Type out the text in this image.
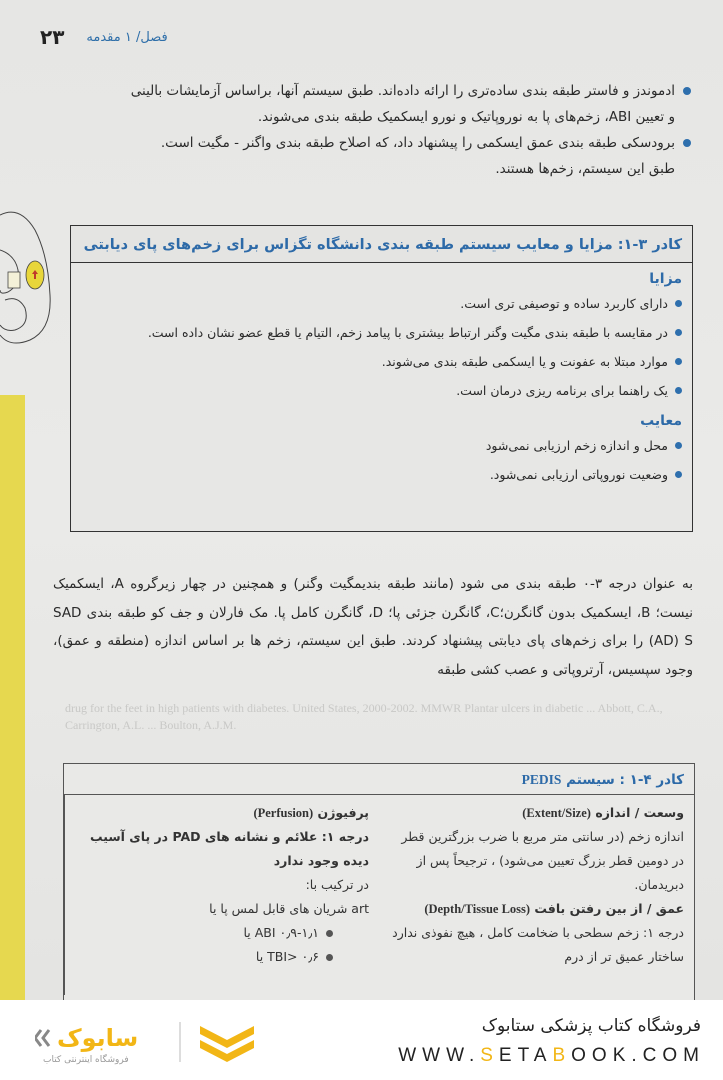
۲۳ فصل/ ۱ مقدمه
ادموندز و فاستر طبقه بندی ساده‌تری را ارائه داده‌اند. طبق سیستم آنها، براساس آزمایشات بالینی
و تعیین ABI، زخم‌های پا به نوروپاتیک و نورو ایسکمیک طبقه بندی می‌شوند.
برودسکی طبقه بندی عمق ایسکمی را پیشنهاد داد، که اصلاح طبقه بندی واگنر - مگیت است.
طبق این سیستم، زخم‌ها هستند.
کادر ۳-۱: مزایا و معایب سیستم طبقه بندی دانشگاه تگزاس برای زخم‌های پای دیابتی
مزایا
دارای کاربرد ساده و توصیفی تری است.
در مقایسه با طبقه بندی مگیت وگنر ارتباط بیشتری با پیامد زخم، التیام یا قطع عضو نشان داده است.
موارد مبتلا به عفونت و یا ایسکمی طبقه بندی می‌شوند.
یک راهنما برای برنامه ریزی درمان است.
معایب
محل و اندازه زخم ارزیابی نمی‌شود
وضعیت نوروپاتی ارزیابی نمی‌شود.
به عنوان درجه ۳-۰ طبقه بندی می شود (مانند طبقه بندیمگیت وگنر) و همچنین در چهار زیرگروه A، ایسکمیک نیست؛ B، ایسکمیک بدون گانگرن؛C، گانگرن جزئی پا؛ D، گانگرن کامل پا. مک فارلان و جف کو طبقه بندی SAD (AD) S را برای زخم‌های پای دیابتی پیشنهاد کردند. طبق این سیستم، زخم ها بر اساس اندازه (منطقه و عمق)، وجود سپسیس، آرتروپاتی و عصب کشی طبقه
drug for the feet in high patients with diabetes. United States, 2000-2002. MMWR Plantar ulcers in diabetic ... Abbott, C.A., Carrington, A.L. ... Boulton, A.J.M.
کادر ۴-۱ : سیستم PEDIS
پرفیوژن (Perfusion)
درجه ۱: علائم و نشانه های PAD در پای آسیب دیده وجود ندارد
در ترکیب با:
art شریان های قابل لمس پا یا
ABI ۰٫۹-۱٫۱ یا
TBI> ۰٫۶ یا
وسعت / اندازه (Extent/Size)
اندازه زخم (در سانتی متر مربع با ضرب بزرگترین قطر در دومین قطر بزرگ تعیین می‌شود) ، ترجیحاً پس از دبریدمان.
عمق / از بین رفتن بافت (Depth/Tissue Loss)
درجه ۱: زخم سطحی با ضخامت کامل ، هیچ نفوذی ندارد
ساختار عمیق تر از درم
سابوک
فروشگاه اینترنتی کتاب
فروشگاه کتاب پزشکی ستابوک
WWW.SETABOOK.COM
